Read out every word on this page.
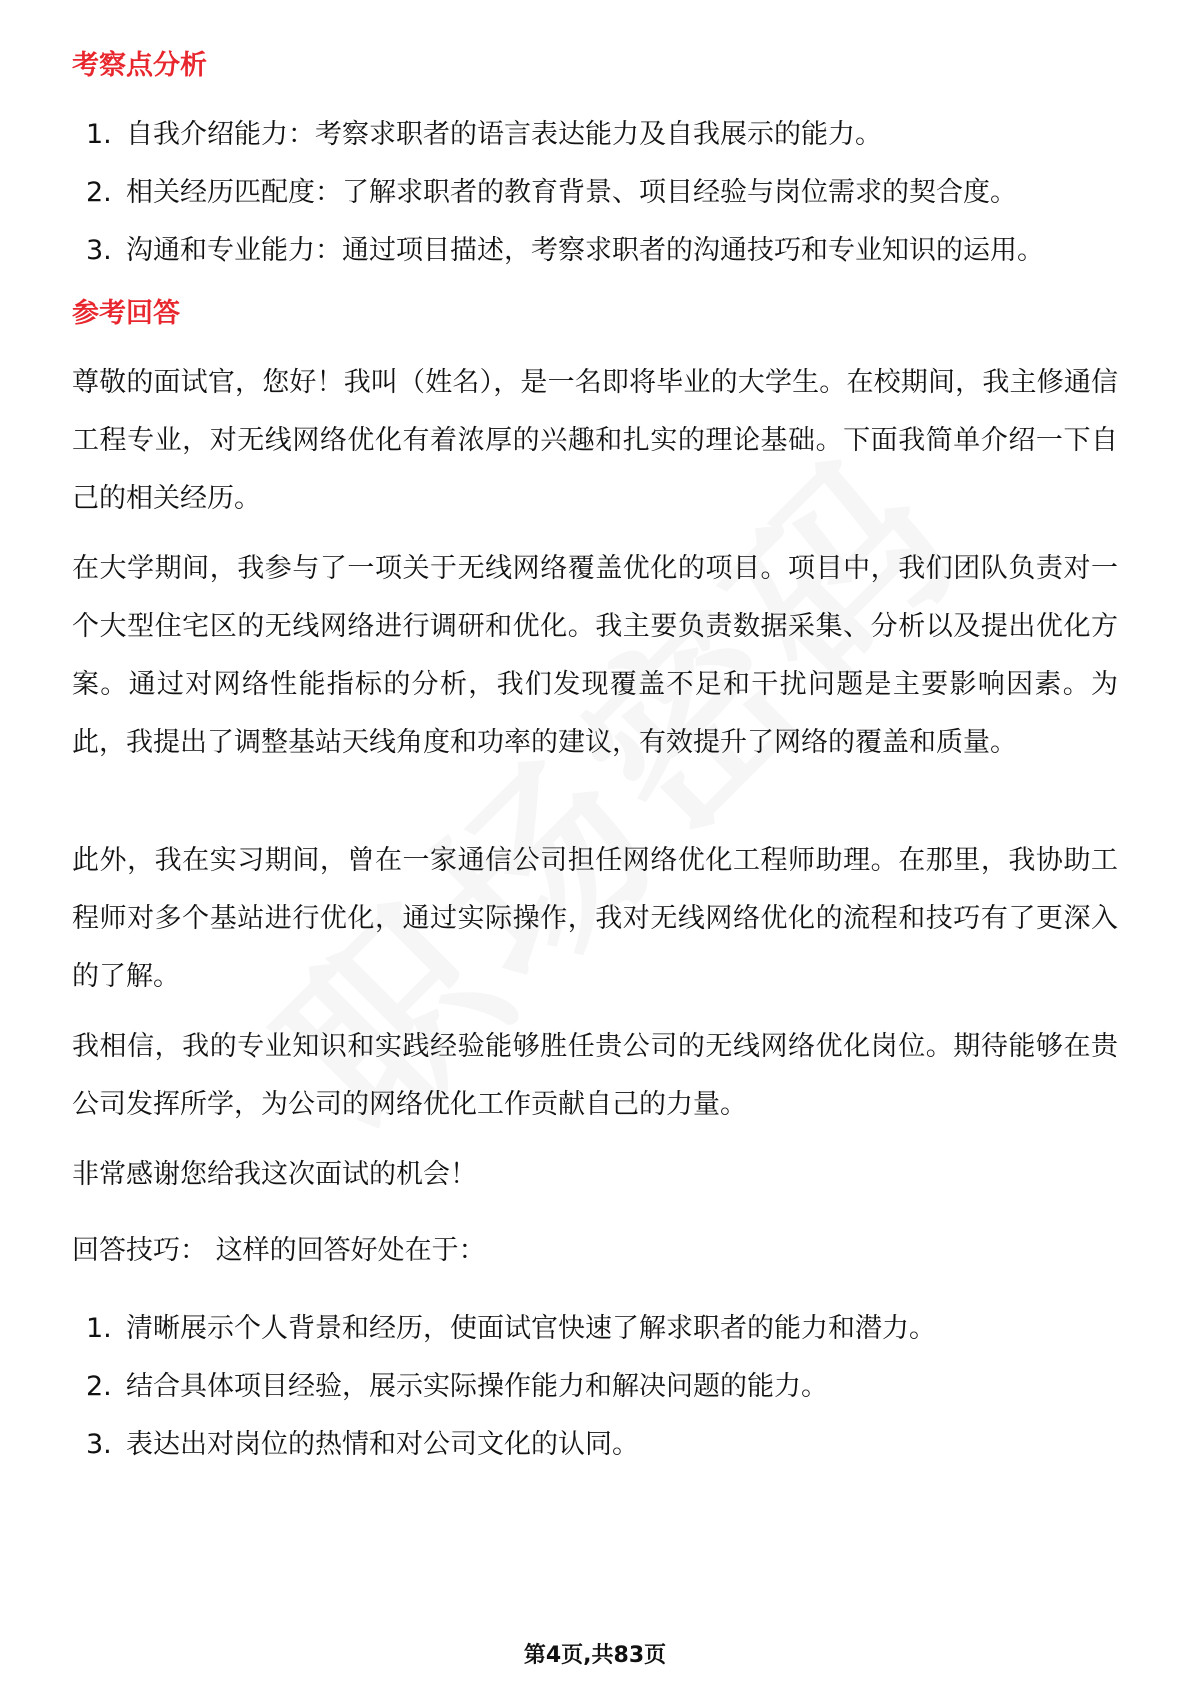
考察点分析
1. 自我介绍能力：考察求职者的语言表达能力及自我展示的能力。
2. 相关经历匹配度：了解求职者的教育背景、项目经验与岗位需求的契合度。
3. 沟通和专业能力：通过项目描述，考察求职者的沟通技巧和专业知识的运用。
参考回答

尊敬的面试官，您好！我叫（姓名），是一名即将毕业的大学生。在校期间，我主修通信工程专业，对无线网络优化有着浓厚的兴趣和扎实的理论基础。下面我简单介绍一下自己的相关经历。

在大学期间，我参与了一项关于无线网络覆盖优化的项目。项目中，我们团队负责对一个大型住宅区的无线网络进行调研和优化。我主要负责数据采集、分析以及提出优化方案。通过对网络性能指标的分析，我们发现覆盖不足和干扰问题是主要影响因素。为此，我提出了调整基站天线角度和功率的建议，有效提升了网络的覆盖和质量。

此外，我在实习期间，曾在一家通信公司担任网络优化工程师助理。在那里，我协助工程师对多个基站进行优化，通过实际操作，我对无线网络优化的流程和技巧有了更深入的了解。

我相信，我的专业知识和实践经验能够胜任贵公司的无线网络优化岗位。期待能够在贵公司发挥所学，为公司的网络优化工作贡献自己的力量。

非常感谢您给我这次面试的机会！

回答技巧： 这样的回答好处在于：

1. 清晰展示个人背景和经历，使面试官快速了解求职者的能力和潜力。
2. 结合具体项目经验，展示实际操作能力和解决问题的能力。
3. 表达出对岗位的热情和对公司文化的认同。
第4页,共83页
